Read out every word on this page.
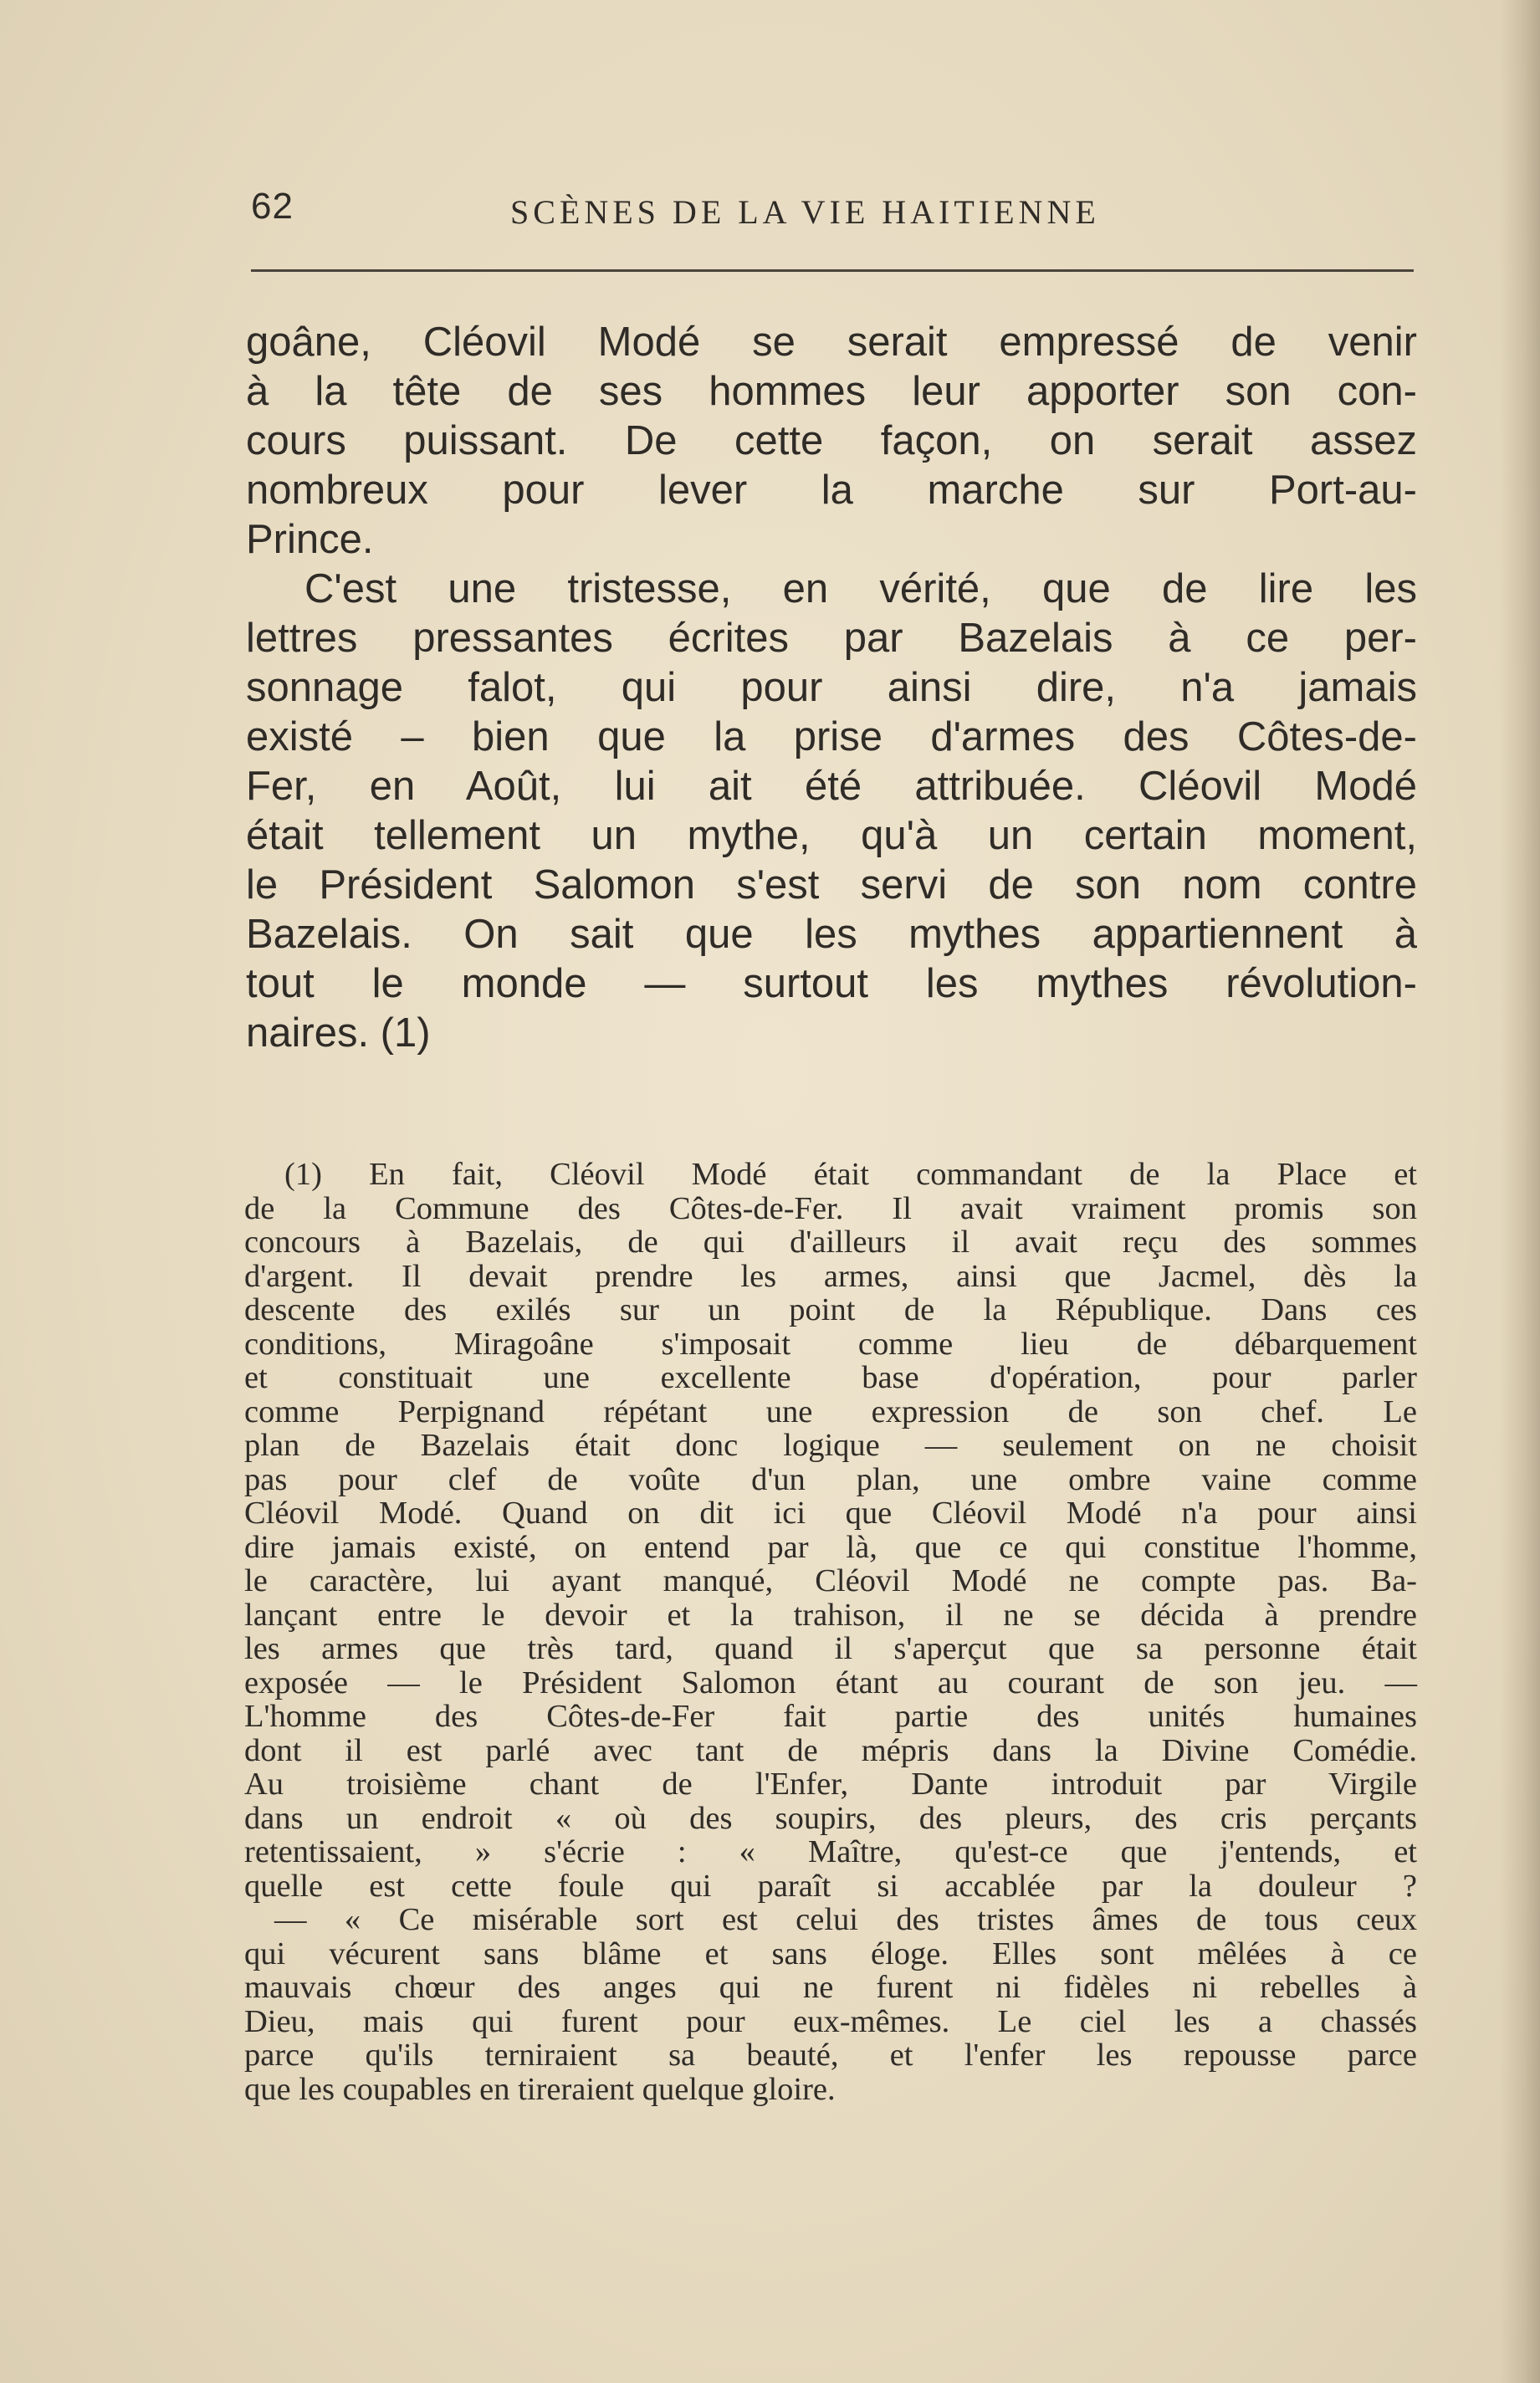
62	SCÈNES DE LA VIE HAITIENNE
goâne, Cléovil Modé se serait empressé de venir
à la tête de ses hommes leur apporter son con-
cours puissant. De cette façon, on serait assez
nombreux pour lever la marche sur Port-au-
Prince.
C'est une tristesse, en vérité, que de lire les
lettres pressantes écrites par Bazelais à ce per-
sonnage falot, qui pour ainsi dire, n'a jamais
existé – bien que la prise d'armes des Côtes-de-
Fer, en Août, lui ait été attribuée. Cléovil Modé
était tellement un mythe, qu'à un certain moment,
le Président Salomon s'est servi de son nom contre
Bazelais. On sait que les mythes appartiennent à
tout le monde — surtout les mythes révolution-
naires. (1)
(1) En fait, Cléovil Modé était commandant de la Place et
de la Commune des Côtes-de-Fer. Il avait vraiment promis son
concours à Bazelais, de qui d'ailleurs il avait reçu des sommes
d'argent. Il devait prendre les armes, ainsi que Jacmel, dès la
descente des exilés sur un point de la République. Dans ces
conditions, Miragoâne s'imposait comme lieu de débarquement
et constituait une excellente base d'opération, pour parler
comme Perpignand répétant une expression de son chef. Le
plan de Bazelais était donc logique — seulement on ne choisit
pas pour clef de voûte d'un plan, une ombre vaine comme
Cléovil Modé. Quand on dit ici que Cléovil Modé n'a pour ainsi
dire jamais existé, on entend par là, que ce qui constitue l'homme,
le caractère, lui ayant manqué, Cléovil Modé ne compte pas. Ba-
lançant entre le devoir et la trahison, il ne se décida à prendre
les armes que très tard, quand il s'aperçut que sa personne était
exposée — le Président Salomon étant au courant de son jeu. —
L'homme des Côtes-de-Fer fait partie des unités humaines
dont il est parlé avec tant de mépris dans la Divine Comédie.
Au troisième chant de l'Enfer, Dante introduit par Virgile
dans un endroit « où des soupirs, des pleurs, des cris perçants
retentissaient, » s'écrie : « Maître, qu'est-ce que j'entends, et
quelle est cette foule qui paraît si accablée par la douleur ?
— « Ce misérable sort est celui des tristes âmes de tous ceux
qui vécurent sans blâme et sans éloge. Elles sont mêlées à ce
mauvais chœur des anges qui ne furent ni fidèles ni rebelles à
Dieu, mais qui furent pour eux-mêmes. Le ciel les a chassés
parce qu'ils terniraient sa beauté, et l'enfer les repousse parce
que les coupables en tireraient quelque gloire.
